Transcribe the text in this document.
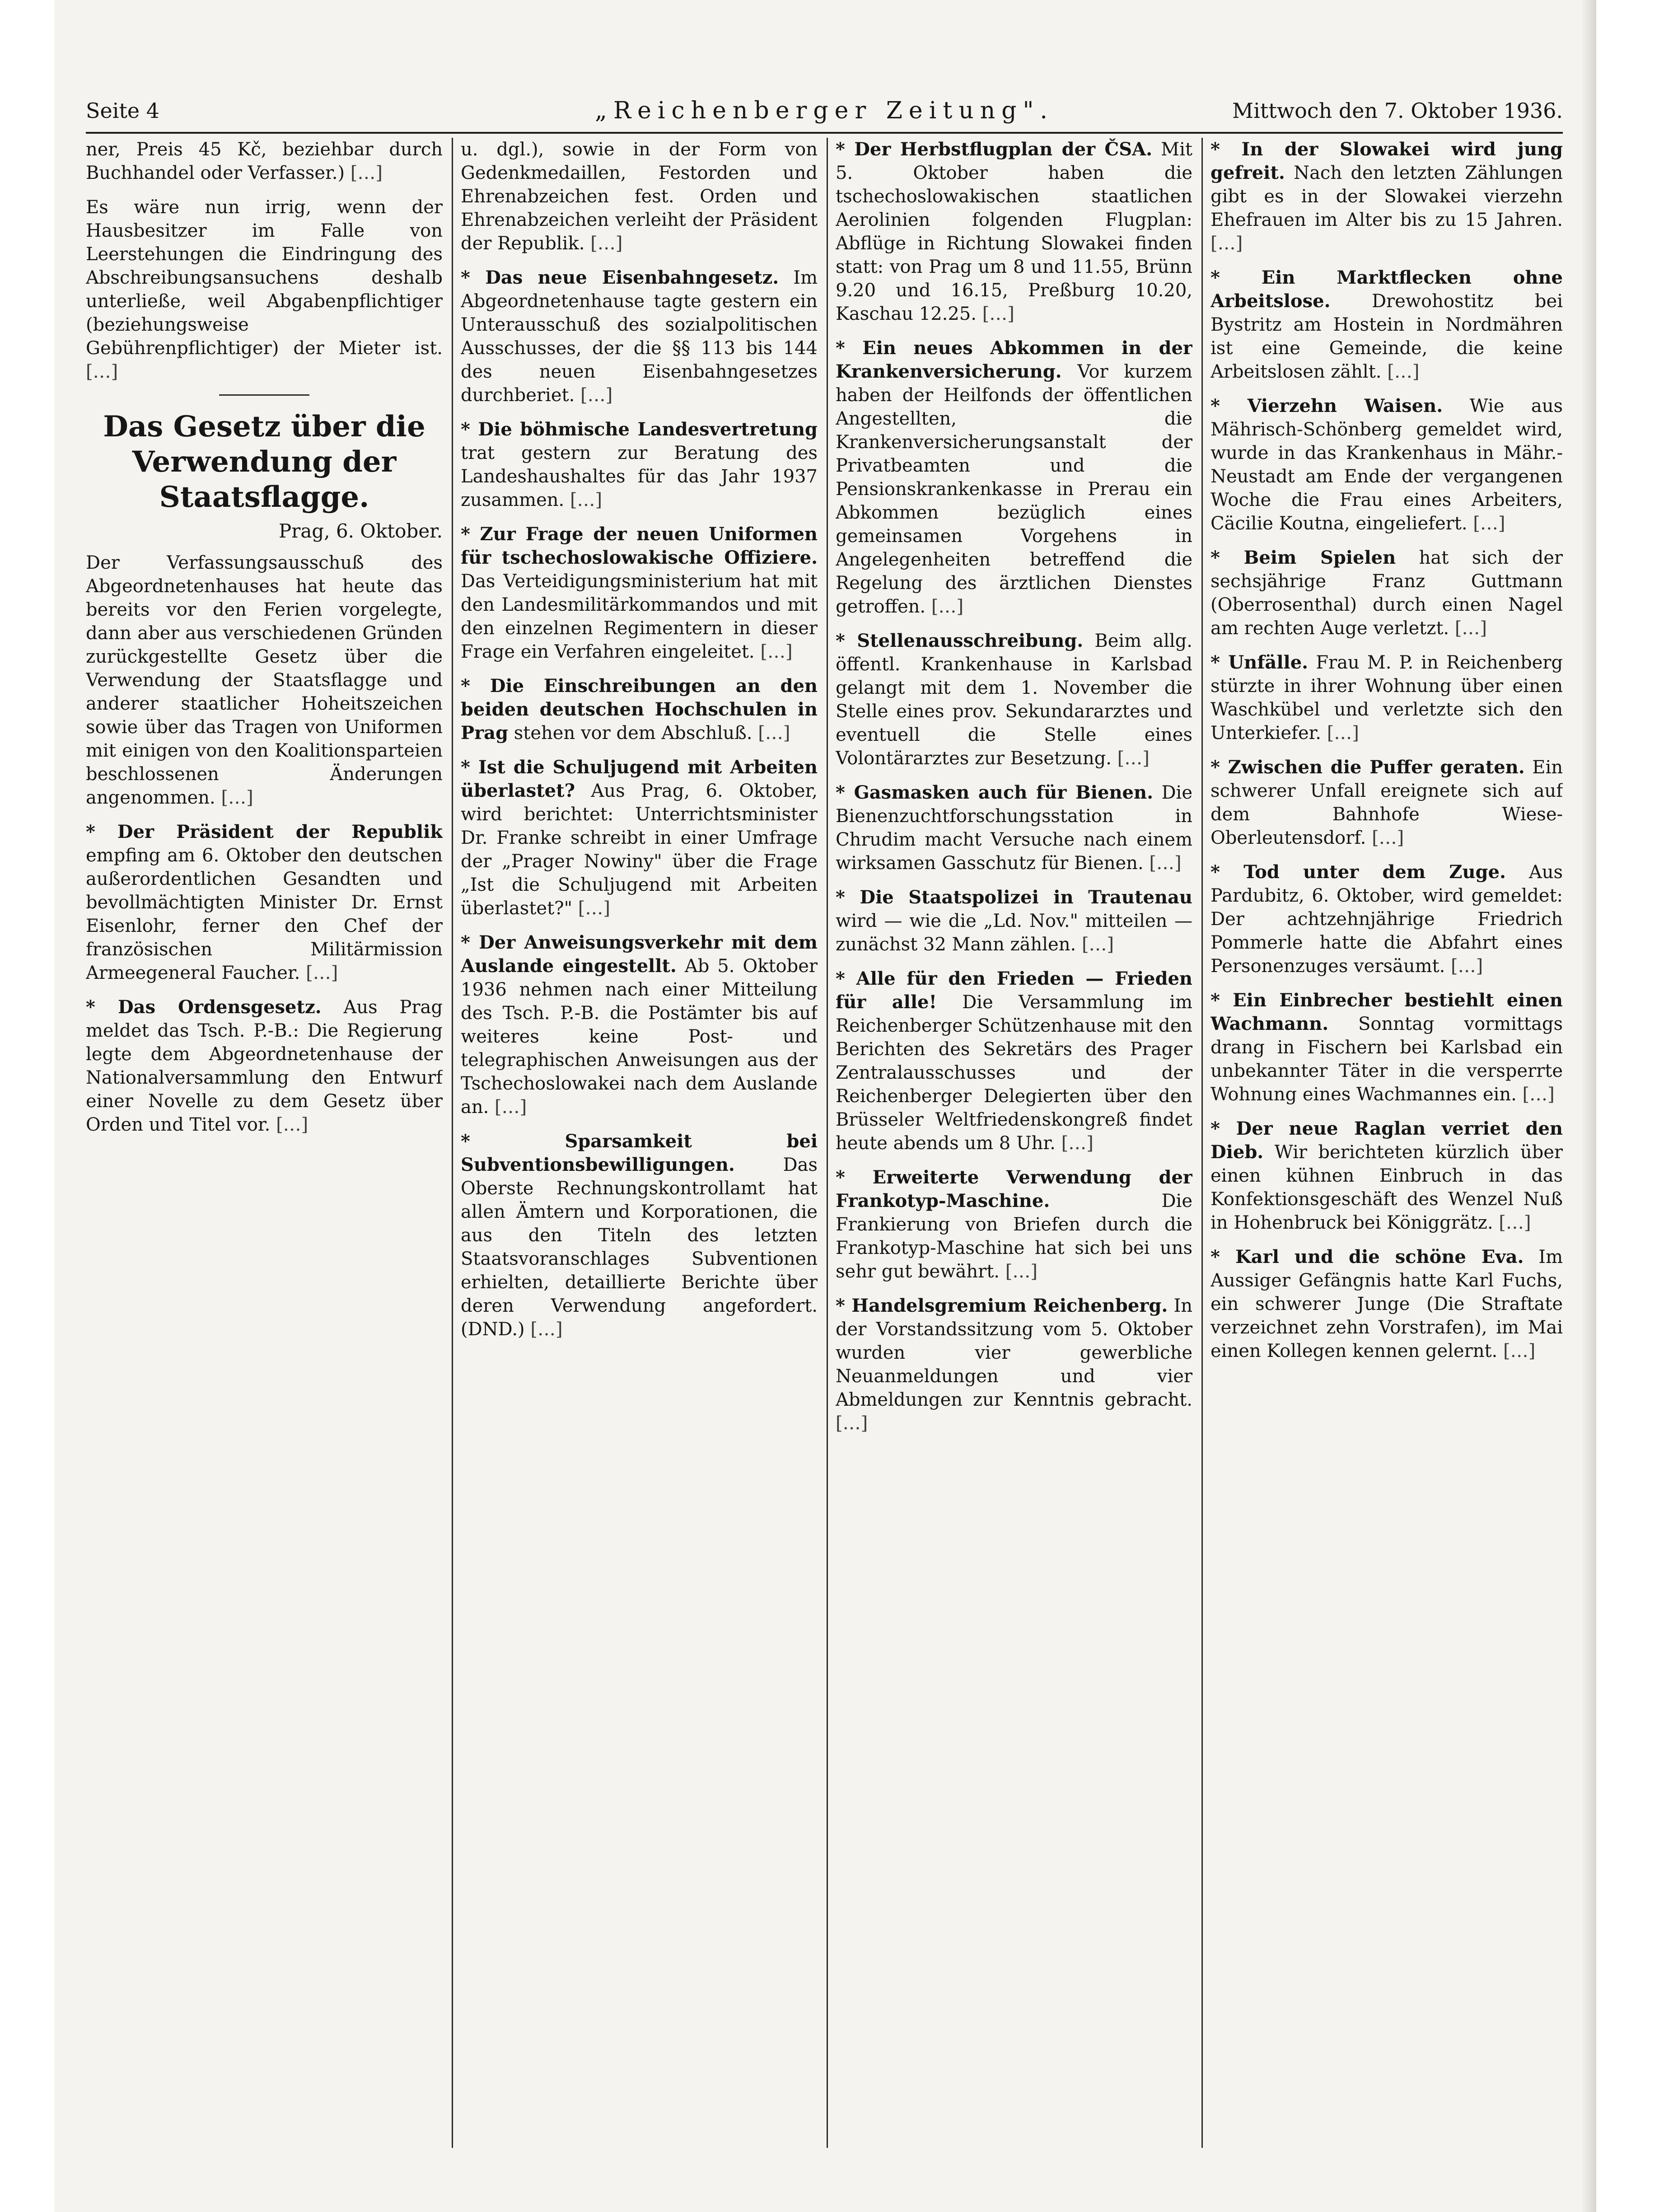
Seite 4	„Reichenberger Zeitung".	Mittwoch den 7. Oktober 1936.
ner, Preis 45 Kč, beziehbar durch Buchhandel oder Verfasser.) […]
Es wäre nun irrig, wenn der Hausbesitzer im Falle von Leerstehungen die Eindringung des Abschreibungsansuchens deshalb unterließe, weil Abgabenpflichtiger (beziehungsweise Gebührenpflichtiger) der Mieter ist. […]
Das Gesetz über die Verwendung der Staatsflagge.
Prag, 6. Oktober.
Der Verfassungsausschuß des Abgeordnetenhauses hat heute das bereits vor den Ferien vorgelegte, dann aber aus verschiedenen Gründen zurückgestellte Gesetz über die Verwendung der Staatsflagge und anderer staatlicher Hoheitszeichen sowie über das Tragen von Uniformen mit einigen von den Koalitionsparteien beschlossenen Änderungen angenommen. […]
* Der Präsident der Republik empfing am 6. Oktober den deutschen außerordentlichen Gesandten und bevollmächtigten Minister Dr. Ernst Eisenlohr, ferner den Chef der französischen Militärmission Armeegeneral Faucher. […]
* Das Ordensgesetz. Aus Prag meldet das Tsch. P.-B.: Die Regierung legte dem Abgeordnetenhause der Nationalversammlung den Entwurf einer Novelle zu dem Gesetz über Orden und Titel vor. […]
u. dgl.), sowie in der Form von Gedenkmedaillen, Festorden und Ehrenabzeichen fest. Orden und Ehrenabzeichen verleiht der Präsident der Republik. […]
* Das neue Eisenbahngesetz. Im Abgeordnetenhause tagte gestern ein Unterausschuß des sozialpolitischen Ausschusses, der die §§ 113 bis 144 des neuen Eisenbahngesetzes durchberiet. […]
* Die böhmische Landesvertretung trat gestern zur Beratung des Landeshaushaltes für das Jahr 1937 zusammen. […]
* Zur Frage der neuen Uniformen für tschechoslowakische Offiziere. Das Verteidigungsministerium hat mit den Landesmilitärkommandos und mit den einzelnen Regimentern in dieser Frage ein Verfahren eingeleitet. […]
* Die Einschreibungen an den beiden deutschen Hochschulen in Prag stehen vor dem Abschluß. […]
* Ist die Schuljugend mit Arbeiten überlastet? Aus Prag, 6. Oktober, wird berichtet: Unterrichtsminister Dr. Franke schreibt in einer Umfrage der „Prager Nowiny" über die Frage „Ist die Schuljugend mit Arbeiten überlastet?" […]
* Der Anweisungsverkehr mit dem Auslande eingestellt. Ab 5. Oktober 1936 nehmen nach einer Mitteilung des Tsch. P.-B. die Postämter bis auf weiteres keine Post- und telegraphischen Anweisungen aus der Tschechoslowakei nach dem Auslande an. […]
* Sparsamkeit bei Subventionsbewilligungen.	Das Oberste Rechnungskontrollamt hat allen Ämtern und Korporationen, die aus den Titeln des letzten Staatsvoranschlages Subventionen erhielten, detaillierte Berichte über deren Verwendung angefordert. (DND.) […]
* Der Herbstflugplan der ČSA. Mit 5. Oktober haben die tschechoslowakischen staatlichen Aerolinien folgenden Flugplan: Abflüge in Richtung Slowakei finden statt: von Prag um 8 und 11.55, Brünn 9.20 und 16.15, Preßburg 10.20, Kaschau 12.25. […]
* Ein neues Abkommen in der Krankenversicherung. Vor kurzem haben der Heilfonds der öffentlichen Angestellten, die Krankenversicherungsanstalt der Privatbeamten und die Pensionskrankenkasse in Prerau ein Abkommen bezüglich eines gemeinsamen Vorgehens in Angelegenheiten betreffend die Regelung des ärztlichen Dienstes getroffen. […]
* Stellenausschreibung. Beim allg. öffentl. Krankenhause in Karlsbad gelangt mit dem 1. November die Stelle eines prov. Sekundararztes und eventuell die Stelle eines Volontärarztes zur Besetzung. […]
* Gasmasken auch für Bienen. Die Bienenzuchtforschungsstation in Chrudim macht Versuche nach einem wirksamen Gasschutz für Bienen. […]
* Die Staatspolizei in Trautenau wird — wie die „Ld. Nov." mitteilen — zunächst 32 Mann zählen. […]
* Alle für den Frieden — Frieden für alle! Die Versammlung im Reichenberger Schützenhause mit den Berichten des Sekretärs des Prager Zentralausschusses und der Reichenberger Delegierten über den Brüsseler Weltfriedenskongreß findet heute abends um 8 Uhr. […]
* Erweiterte Verwendung der Frankotyp-Maschine.	Die Frankierung von Briefen durch die Frankotyp-Maschine hat sich bei uns sehr gut bewährt. […]
* Handelsgremium Reichenberg. In der Vorstandssitzung vom 5. Oktober wurden vier gewerbliche Neuanmeldungen und vier Abmeldungen zur Kenntnis gebracht. […]
* In der Slowakei wird jung gefreit. Nach den letzten Zählungen gibt es in der Slowakei vierzehn Ehefrauen im Alter bis zu 15 Jahren. […]
* Ein Marktflecken ohne Arbeitslose. Drewohostitz bei Bystritz am Hostein in Nordmähren ist eine Gemeinde, die keine Arbeitslosen zählt. […]
* Vierzehn Waisen. Wie aus Mährisch-Schönberg gemeldet wird, wurde in das Krankenhaus in Mähr.-Neustadt am Ende der vergangenen Woche die Frau eines Arbeiters, Cäcilie Koutna, eingeliefert. […]
* Beim Spielen hat sich der sechsjährige Franz Guttmann (Oberrosenthal) durch einen Nagel am rechten Auge verletzt. […]
* Unfälle. Frau M. P. in Reichenberg stürzte in ihrer Wohnung über einen Waschkübel und verletzte sich den Unterkiefer. […]
* Zwischen die Puffer geraten. Ein schwerer Unfall ereignete sich auf dem Bahnhofe Wiese-Oberleutensdorf. […]
* Tod unter dem Zuge. Aus Pardubitz, 6. Oktober, wird gemeldet: Der achtzehnjährige Friedrich Pommerle hatte die Abfahrt eines Personenzuges versäumt. […]
* Ein Einbrecher bestiehlt einen Wachmann. Sonntag vormittags drang in Fischern bei Karlsbad ein unbekannter Täter in die versperrte Wohnung eines Wachmannes ein. […]
* Der neue Raglan verriet den Dieb. Wir berichteten kürzlich über einen kühnen Einbruch in das Konfektionsgeschäft des Wenzel Nuß in Hohenbruck bei Königgrätz. […]
* Karl und die schöne Eva. Im Aussiger Gefängnis hatte Karl Fuchs, ein schwerer Junge (Die Straftate verzeichnet zehn Vorstrafen), im Mai einen Kollegen kennen gelernt. […]
